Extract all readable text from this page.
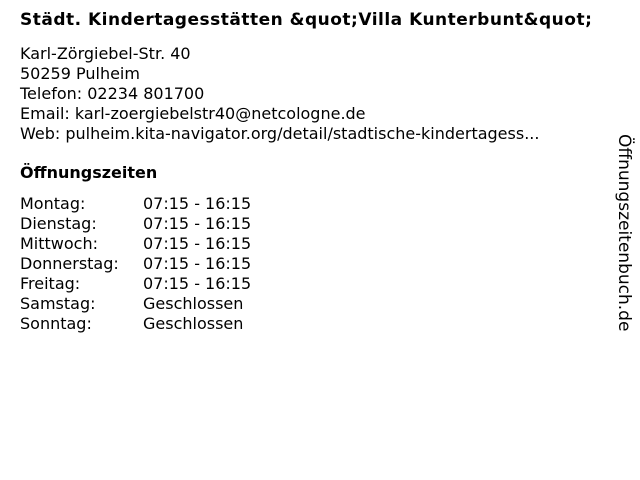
Städt. Kindertagesstätten &quot;Villa Kunterbunt&quot;
Karl-Zörgiebel-Str. 40
50259 Pulheim
Telefon: 02234 801700
Email: karl-zoergiebelstr40@netcologne.de
Web: pulheim.kita-navigator.org/detail/stadtische-kindertagess...
Öffnungszeiten
Montag:	07:15 - 16:15
Dienstag:	07:15 - 16:15
Mittwoch:	07:15 - 16:15
Donnerstag:	07:15 - 16:15
Freitag:	07:15 - 16:15
Samstag:	Geschlossen
Sonntag:	Geschlossen	Öffnungszeitenbuch.de
